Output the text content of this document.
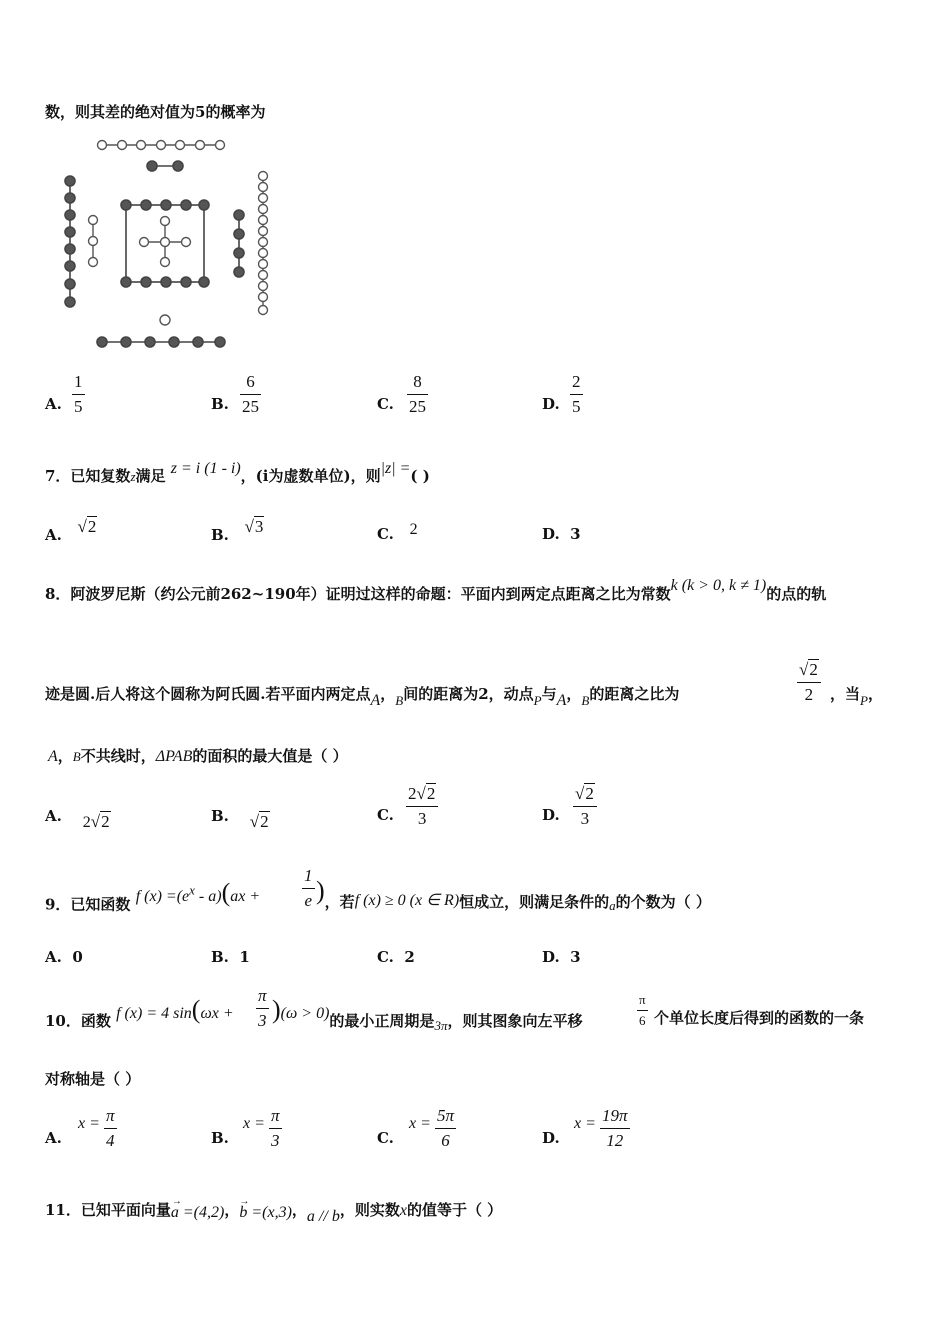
数，则其差的绝对值为5的概率为
A.
1
5	B.
6
25	C.
8
25	D.
2
5
7．已知复数z满足 z = i (1 - i)，(i为虚数单位)，则|z| =( )
A. √2	B. √3	C. 2	D. 3
8．阿波罗尼斯（约公元前262~190年）证明过这样的命题：平面内到两定点距离之比为常数k (k > 0, k ≠ 1)的点的轨
迹是圆.后人将这个圆称为阿氏圆.若平面内两定点A，B间的距离为2，动点P与A，B的距离之比为
√2
2	，当P，
A，B不共线时，ΔPAB的面积的最大值是（ ）
A. 2√2	B. √2	C.
2√2
3	D.
√2
3
9．已知函数 f $(x) =(e^x - a)(ax$ +
1
e )，若f (x) ≥ 0 (x ∈ R)恒成立，则满足条件的a的个数为（ ）
A. 0	B. 1	C. 2	D. 3
10．函数 f (x) = 4 sin(ωx +
π
3 )(ω > 0)的最小正周期是3π，则其图象向左平移
π
6 个单位长度后得到的函数的一条
对称轴是（ ）
A.
x = π
4	B.
x = π
3	C.
x = 5π
6	D.
x = 19π
12
11．已知平面向量 →
a =(4,2)， →
b =(x,3)，a // b，则实数x的值等于（ ）
